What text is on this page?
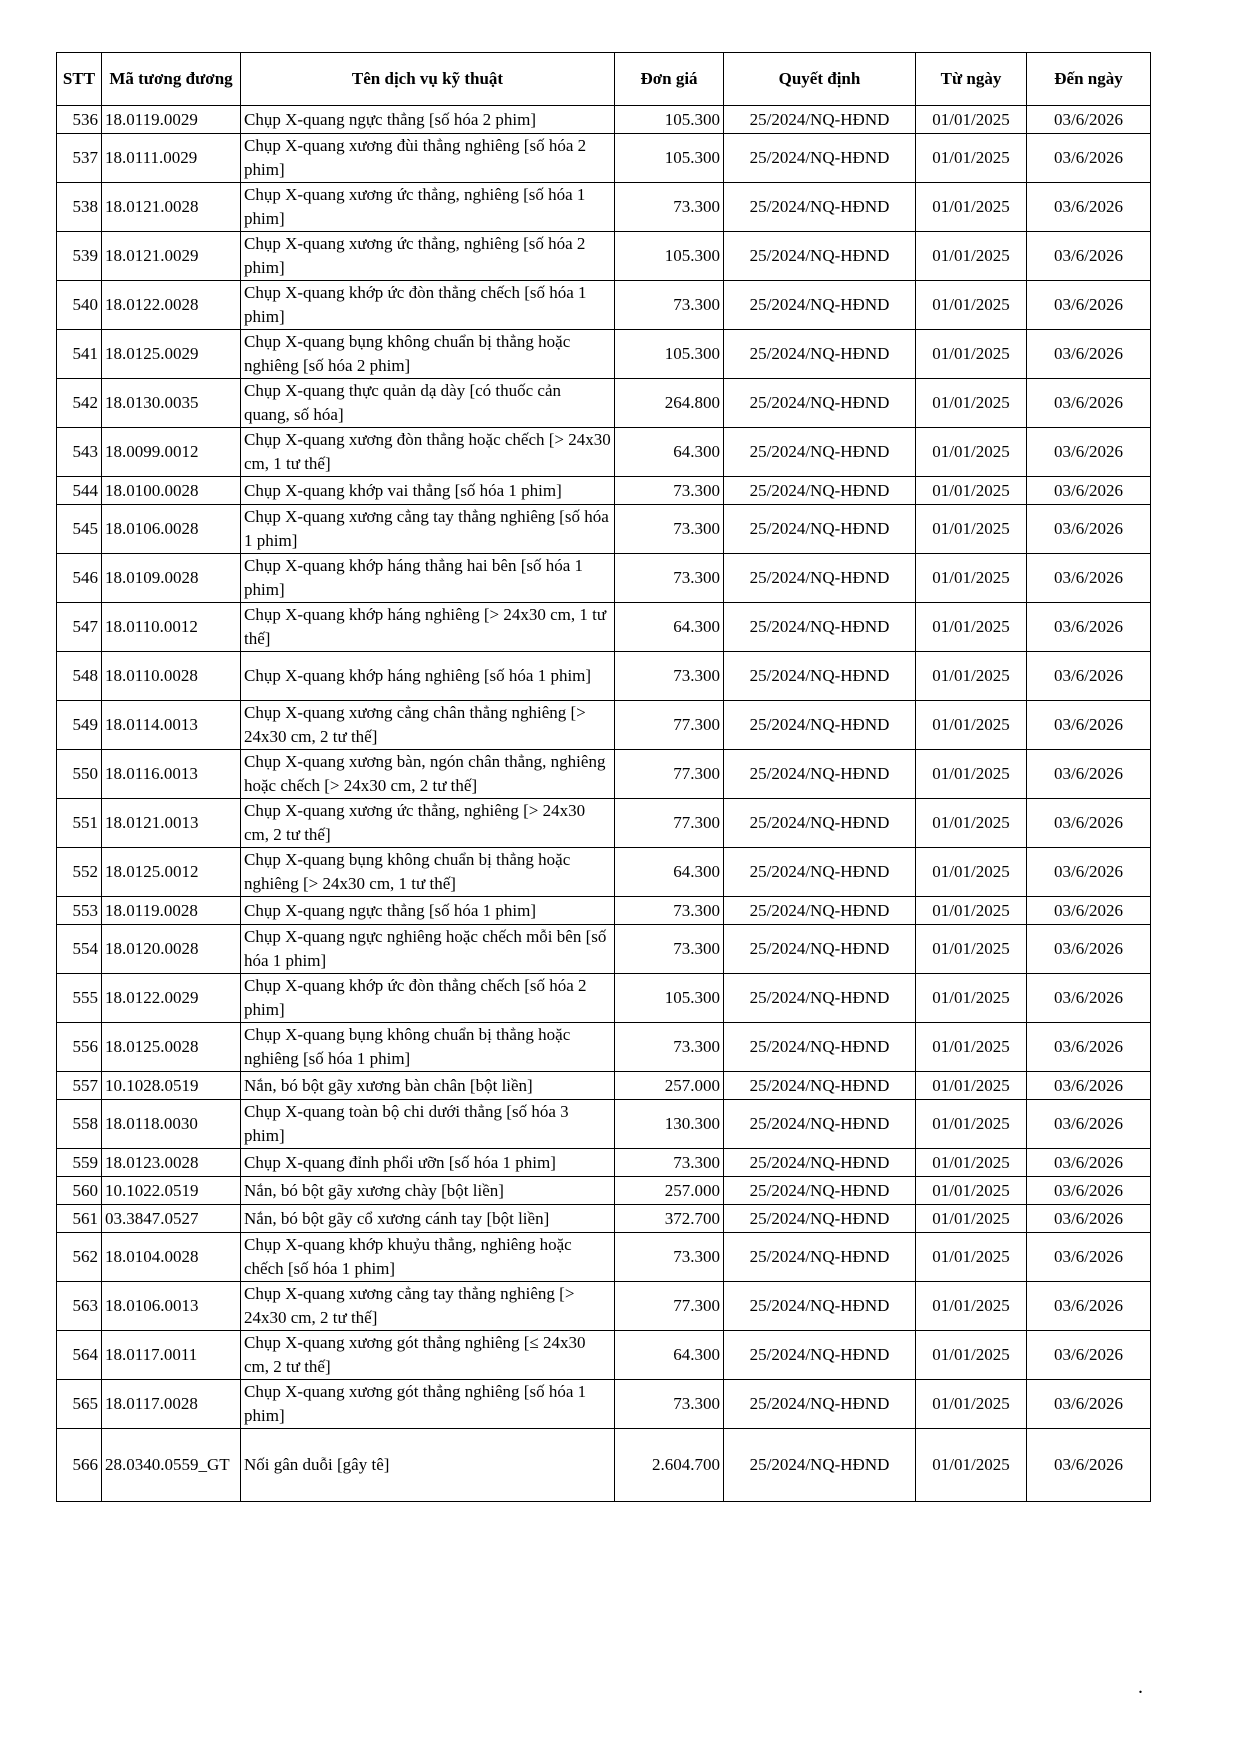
STT	Mã tương đương	Tên dịch vụ kỹ thuật	Đơn giá	Quyết định	Từ ngày	Đến ngày
536	18.0119.0029	Chụp X-quang ngực thẳng [số hóa 2 phim]	105.300	25/2024/NQ-HĐND	01/01/2025	03/6/2026
537	18.0111.0029	Chụp X-quang xương đùi thẳng nghiêng [số hóa 2 phim]	105.300	25/2024/NQ-HĐND	01/01/2025	03/6/2026
538	18.0121.0028	Chụp X-quang xương ức thẳng, nghiêng [số hóa 1 phim]	73.300	25/2024/NQ-HĐND	01/01/2025	03/6/2026
539	18.0121.0029	Chụp X-quang xương ức thẳng, nghiêng [số hóa 2 phim]	105.300	25/2024/NQ-HĐND	01/01/2025	03/6/2026
540	18.0122.0028	Chụp X-quang khớp ức đòn thẳng chếch [số hóa 1 phim]	73.300	25/2024/NQ-HĐND	01/01/2025	03/6/2026
541	18.0125.0029	Chụp X-quang bụng không chuẩn bị thẳng hoặc nghiêng [số hóa 2 phim]	105.300	25/2024/NQ-HĐND	01/01/2025	03/6/2026
542	18.0130.0035	Chụp X-quang thực quản dạ dày [có thuốc cản quang, số hóa]	264.800	25/2024/NQ-HĐND	01/01/2025	03/6/2026
543	18.0099.0012	Chụp X-quang xương đòn thẳng hoặc chếch [> 24x30 cm, 1 tư thế]	64.300	25/2024/NQ-HĐND	01/01/2025	03/6/2026
544	18.0100.0028	Chụp X-quang khớp vai thẳng [số hóa 1 phim]	73.300	25/2024/NQ-HĐND	01/01/2025	03/6/2026
545	18.0106.0028	Chụp X-quang xương cẳng tay thẳng nghiêng [số hóa 1 phim]	73.300	25/2024/NQ-HĐND	01/01/2025	03/6/2026
546	18.0109.0028	Chụp X-quang khớp háng thẳng hai bên [số hóa 1 phim]	73.300	25/2024/NQ-HĐND	01/01/2025	03/6/2026
547	18.0110.0012	Chụp X-quang khớp háng nghiêng [> 24x30 cm, 1 tư thế]	64.300	25/2024/NQ-HĐND	01/01/2025	03/6/2026
548	18.0110.0028	Chụp X-quang khớp háng nghiêng [số hóa 1 phim]	73.300	25/2024/NQ-HĐND	01/01/2025	03/6/2026
549	18.0114.0013	Chụp X-quang xương cẳng chân thẳng nghiêng [> 24x30 cm, 2 tư thế]	77.300	25/2024/NQ-HĐND	01/01/2025	03/6/2026
550	18.0116.0013	Chụp X-quang xương bàn, ngón chân thẳng, nghiêng hoặc chếch [> 24x30 cm, 2 tư thế]	77.300	25/2024/NQ-HĐND	01/01/2025	03/6/2026
551	18.0121.0013	Chụp X-quang xương ức thẳng, nghiêng [> 24x30 cm, 2 tư thế]	77.300	25/2024/NQ-HĐND	01/01/2025	03/6/2026
552	18.0125.0012	Chụp X-quang bụng không chuẩn bị thẳng hoặc nghiêng [> 24x30 cm, 1 tư thế]	64.300	25/2024/NQ-HĐND	01/01/2025	03/6/2026
553	18.0119.0028	Chụp X-quang ngực thẳng [số hóa 1 phim]	73.300	25/2024/NQ-HĐND	01/01/2025	03/6/2026
554	18.0120.0028	Chụp X-quang ngực nghiêng hoặc chếch mỗi bên [số hóa 1 phim]	73.300	25/2024/NQ-HĐND	01/01/2025	03/6/2026
555	18.0122.0029	Chụp X-quang khớp ức đòn thẳng chếch [số hóa 2 phim]	105.300	25/2024/NQ-HĐND	01/01/2025	03/6/2026
556	18.0125.0028	Chụp X-quang bụng không chuẩn bị thẳng hoặc nghiêng [số hóa 1 phim]	73.300	25/2024/NQ-HĐND	01/01/2025	03/6/2026
557	10.1028.0519	Nắn, bó bột gãy xương bàn chân [bột liền]	257.000	25/2024/NQ-HĐND	01/01/2025	03/6/2026
558	18.0118.0030	Chụp X-quang toàn bộ chi dưới thẳng [số hóa 3 phim]	130.300	25/2024/NQ-HĐND	01/01/2025	03/6/2026
559	18.0123.0028	Chụp X-quang đỉnh phổi ưỡn [số hóa 1 phim]	73.300	25/2024/NQ-HĐND	01/01/2025	03/6/2026
560	10.1022.0519	Nắn, bó bột gãy xương chày [bột liền]	257.000	25/2024/NQ-HĐND	01/01/2025	03/6/2026
561	03.3847.0527	Nắn, bó bột gãy cổ xương cánh tay [bột liền]	372.700	25/2024/NQ-HĐND	01/01/2025	03/6/2026
562	18.0104.0028	Chụp X-quang khớp khuỷu thẳng, nghiêng hoặc chếch [số hóa 1 phim]	73.300	25/2024/NQ-HĐND	01/01/2025	03/6/2026
563	18.0106.0013	Chụp X-quang xương cẳng tay thẳng nghiêng [> 24x30 cm, 2 tư thế]	77.300	25/2024/NQ-HĐND	01/01/2025	03/6/2026
564	18.0117.0011	Chụp X-quang xương gót thẳng nghiêng [≤ 24x30 cm, 2 tư thế]	64.300	25/2024/NQ-HĐND	01/01/2025	03/6/2026
565	18.0117.0028	Chụp X-quang xương gót thẳng nghiêng [số hóa 1 phim]	73.300	25/2024/NQ-HĐND	01/01/2025	03/6/2026
566	28.0340.0559_GT	Nối gân duỗi [gây tê]	2.604.700	25/2024/NQ-HĐND	01/01/2025	03/6/2026
.
